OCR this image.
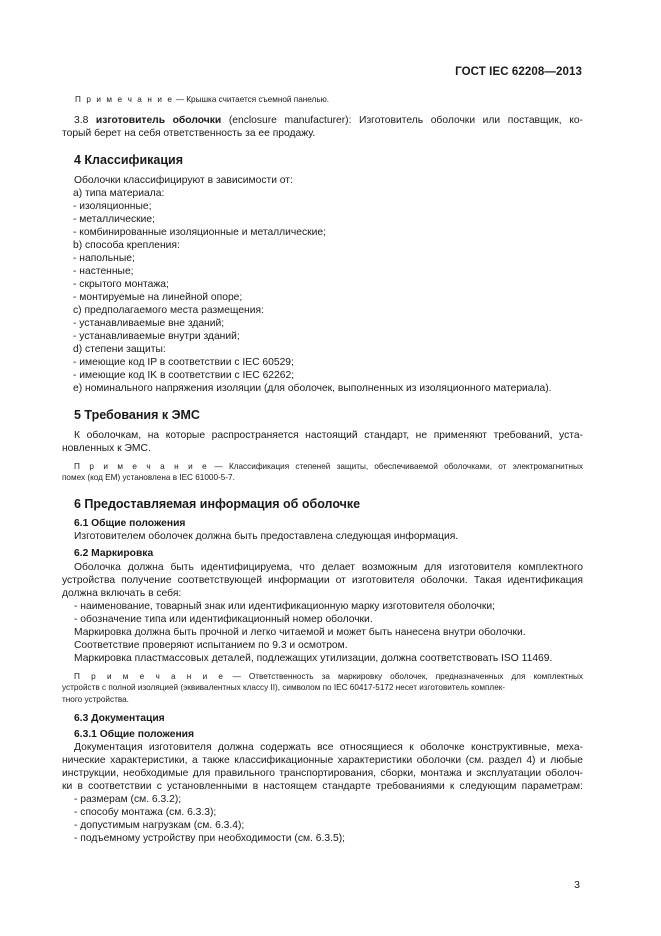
ГОСТ IEC 62208—2013

П р и м е ч а н и е — Крышка считается съемной панелью.

3.8 изготовитель оболочки (enclosure manufacturer): Изготовитель оболочки или поставщик, ко-

торый берет на себя ответственность за ее продажу.

4 Классификация

Оболочки классифицируют в зависимости от:

a) типа материала:

- изоляционные;

- металлические;

- комбинированные изоляционные и металлические;

b) способа крепления:

- напольные;

- настенные;

- скрытого монтажа;

- монтируемые на линейной опоре;

c) предполагаемого места размещения:

- устанавливаемые вне зданий;

- устанавливаемые внутри зданий;

d) степени защиты:

- имеющие код IP в соответствии с IEC 60529;

- имеющие код IK в соответствии с IEC 62262;

e) номинального напряжения изоляции (для оболочек, выполненных из изоляционного материала).

5 Требования к ЭМС

К оболочкам, на которые распространяется настоящий стандарт, не применяют требований, уста-

новленных к ЭМС.

П р и м е ч а н и е — Классификация степеней защиты, обеспечиваемой оболочками, от электромагнитных

помех (код ЕМ) установлена в IEC 61000-5-7.

6 Предоставляемая информация об оболочке
6.1 Общие положения

Изготовителем оболочек должна быть предоставлена следующая информация.

6.2 Маркировка

Оболочка должна быть идентифицируема, что делает возможным для изготовителя комплектного

устройства получение соответствующей информации от изготовителя оболочки. Такая идентификация

должна включать в себя:

- наименование, товарный знак или идентификационную марку изготовителя оболочки;

- обозначение типа или идентификационный номер оболочки.

Маркировка должна быть прочной и легко читаемой и может быть нанесена внутри оболочки.

Соответствие проверяют испытанием по 9.3 и осмотром.

Маркировка пластмассовых деталей, подлежащих утилизации, должна соответствовать ISO 11469.

П р и м е ч а н и е — Ответственность за маркировку оболочек, предназначенных для комплектных

устройств с полной изоляцией (эквивалентных классу II), символом по IEC 60417-5172 несет изготовитель комплек-

тного устройства.

6.3 Документация
6.3.1 Общие положения

Документация изготовителя должна содержать все относящиеся к оболочке конструктивные, меха-

нические характеристики, а также классификационные характеристики оболочки (см. раздел 4) и любые

инструкции, необходимые для правильного транспортирования, сборки, монтажа и эксплуатации оболоч-

ки в соответствии с установленными в настоящем стандарте требованиями к следующим параметрам:

- размерам (см. 6.3.2);

- способу монтажа (см. 6.3.3);

- допустимым нагрузкам (см. 6.3.4);

- подъемному устройству при необходимости (см. 6.3.5);

3
